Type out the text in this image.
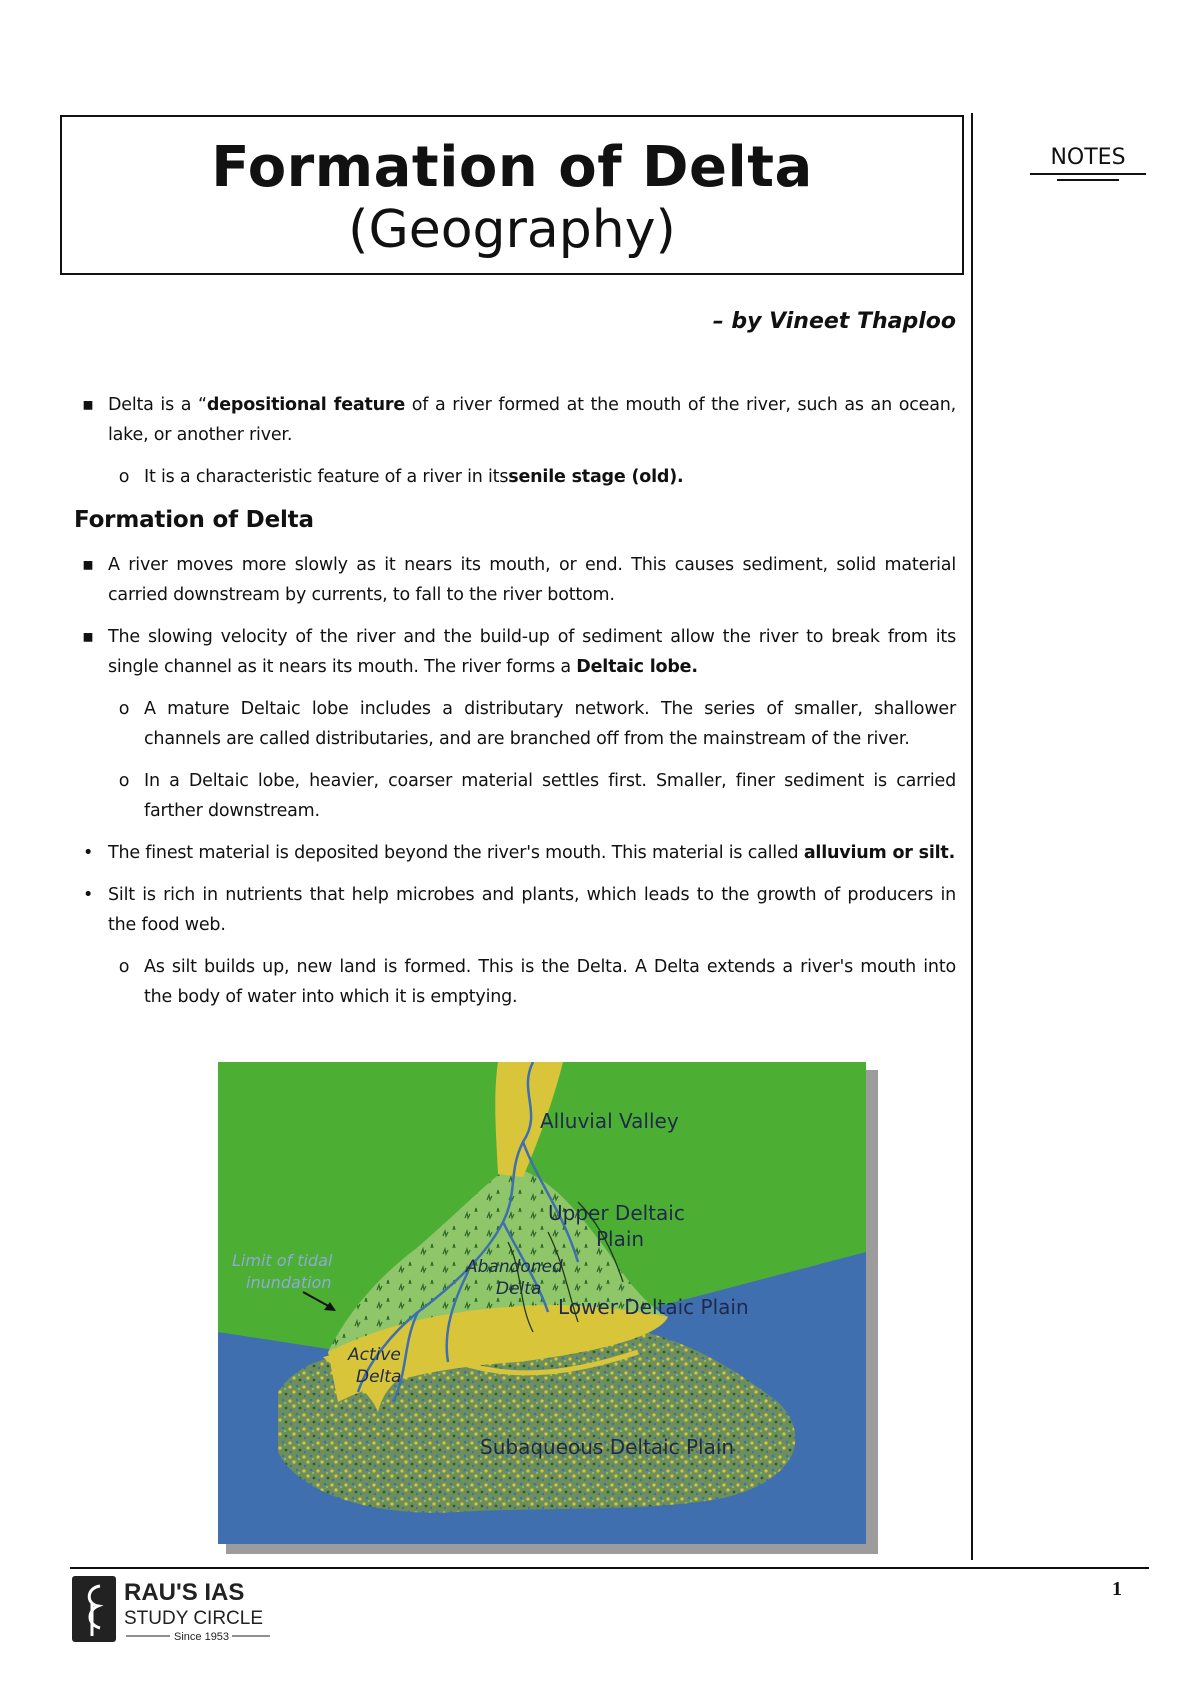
Formation of Delta
(Geography)
NOTES
– by Vineet Thaploo
▪ Delta is a “depositional feature of a river formed at the mouth of the river, such as an ocean, lake, or another river.
o It is a characteristic feature of a river in itssenile stage (old).
Formation of Delta
▪ A river moves more slowly as it nears its mouth, or end. This causes sediment, solid material carried downstream by currents, to fall to the river bottom.
▪ The slowing velocity of the river and the build-up of sediment allow the river to break from its single channel as it nears its mouth. The river forms a Deltaic lobe.
o A mature Deltaic lobe includes a distributary network. The series of smaller, shallower channels are called distributaries, and are branched off from the mainstream of the river.
o In a Deltaic lobe, heavier, coarser material settles first. Smaller, finer sediment is carried farther downstream.
• The finest material is deposited beyond the river's mouth. This material is called alluvium or silt.
• Silt is rich in nutrients that help microbes and plants, which leads to the growth of producers in the food web.
o As silt builds up, new land is formed. This is the Delta. A Delta extends a river's mouth into the body of water into which it is emptying.
Alluvial Valley
Upper Deltaic
Plain
Abandoned
Delta
Lower Deltaic Plain
Limit of tidal
inundation
Active
Delta
Subaqueous Deltaic Plain
RAU'S IAS
STUDY CIRCLE
Since 1953
1
